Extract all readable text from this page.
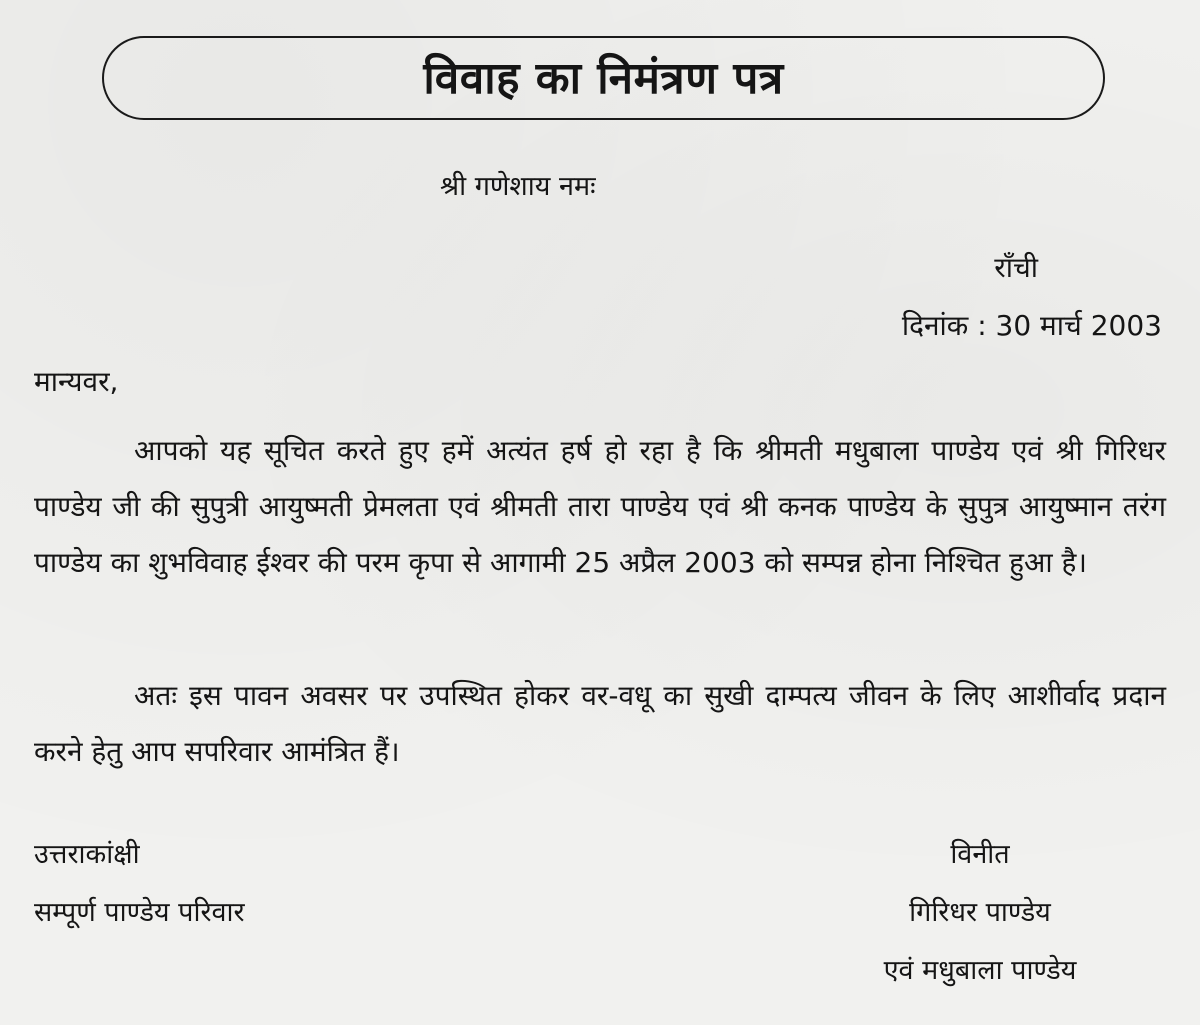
विवाह का निमंत्रण पत्र
श्री गणेशाय नमः
राँची
दिनांक : 30 मार्च 2003
मान्यवर,

आपको यह सूचित करते हुए हमें अत्यंत हर्ष हो रहा है कि श्रीमती मधुबाला पाण्डेय एवं श्री गिरिधर पाण्डेय जी की सुपुत्री आयुष्मती प्रेमलता एवं श्रीमती तारा पाण्डेय एवं श्री कनक पाण्डेय के सुपुत्र आयुष्मान तरंग पाण्डेय का शुभविवाह ईश्वर की परम कृपा से आगामी 25 अप्रैल 2003 को सम्पन्न होना निश्चित हुआ है।

अतः इस पावन अवसर पर उपस्थित होकर वर-वधू का सुखी दाम्पत्य जीवन के लिए आशीर्वाद प्रदान करने हेतु आप सपरिवार आमंत्रित हैं।

उत्तराकांक्षी
सम्पूर्ण पाण्डेय परिवार
विनीत
गिरिधर पाण्डेय
एवं मधुबाला पाण्डेय
